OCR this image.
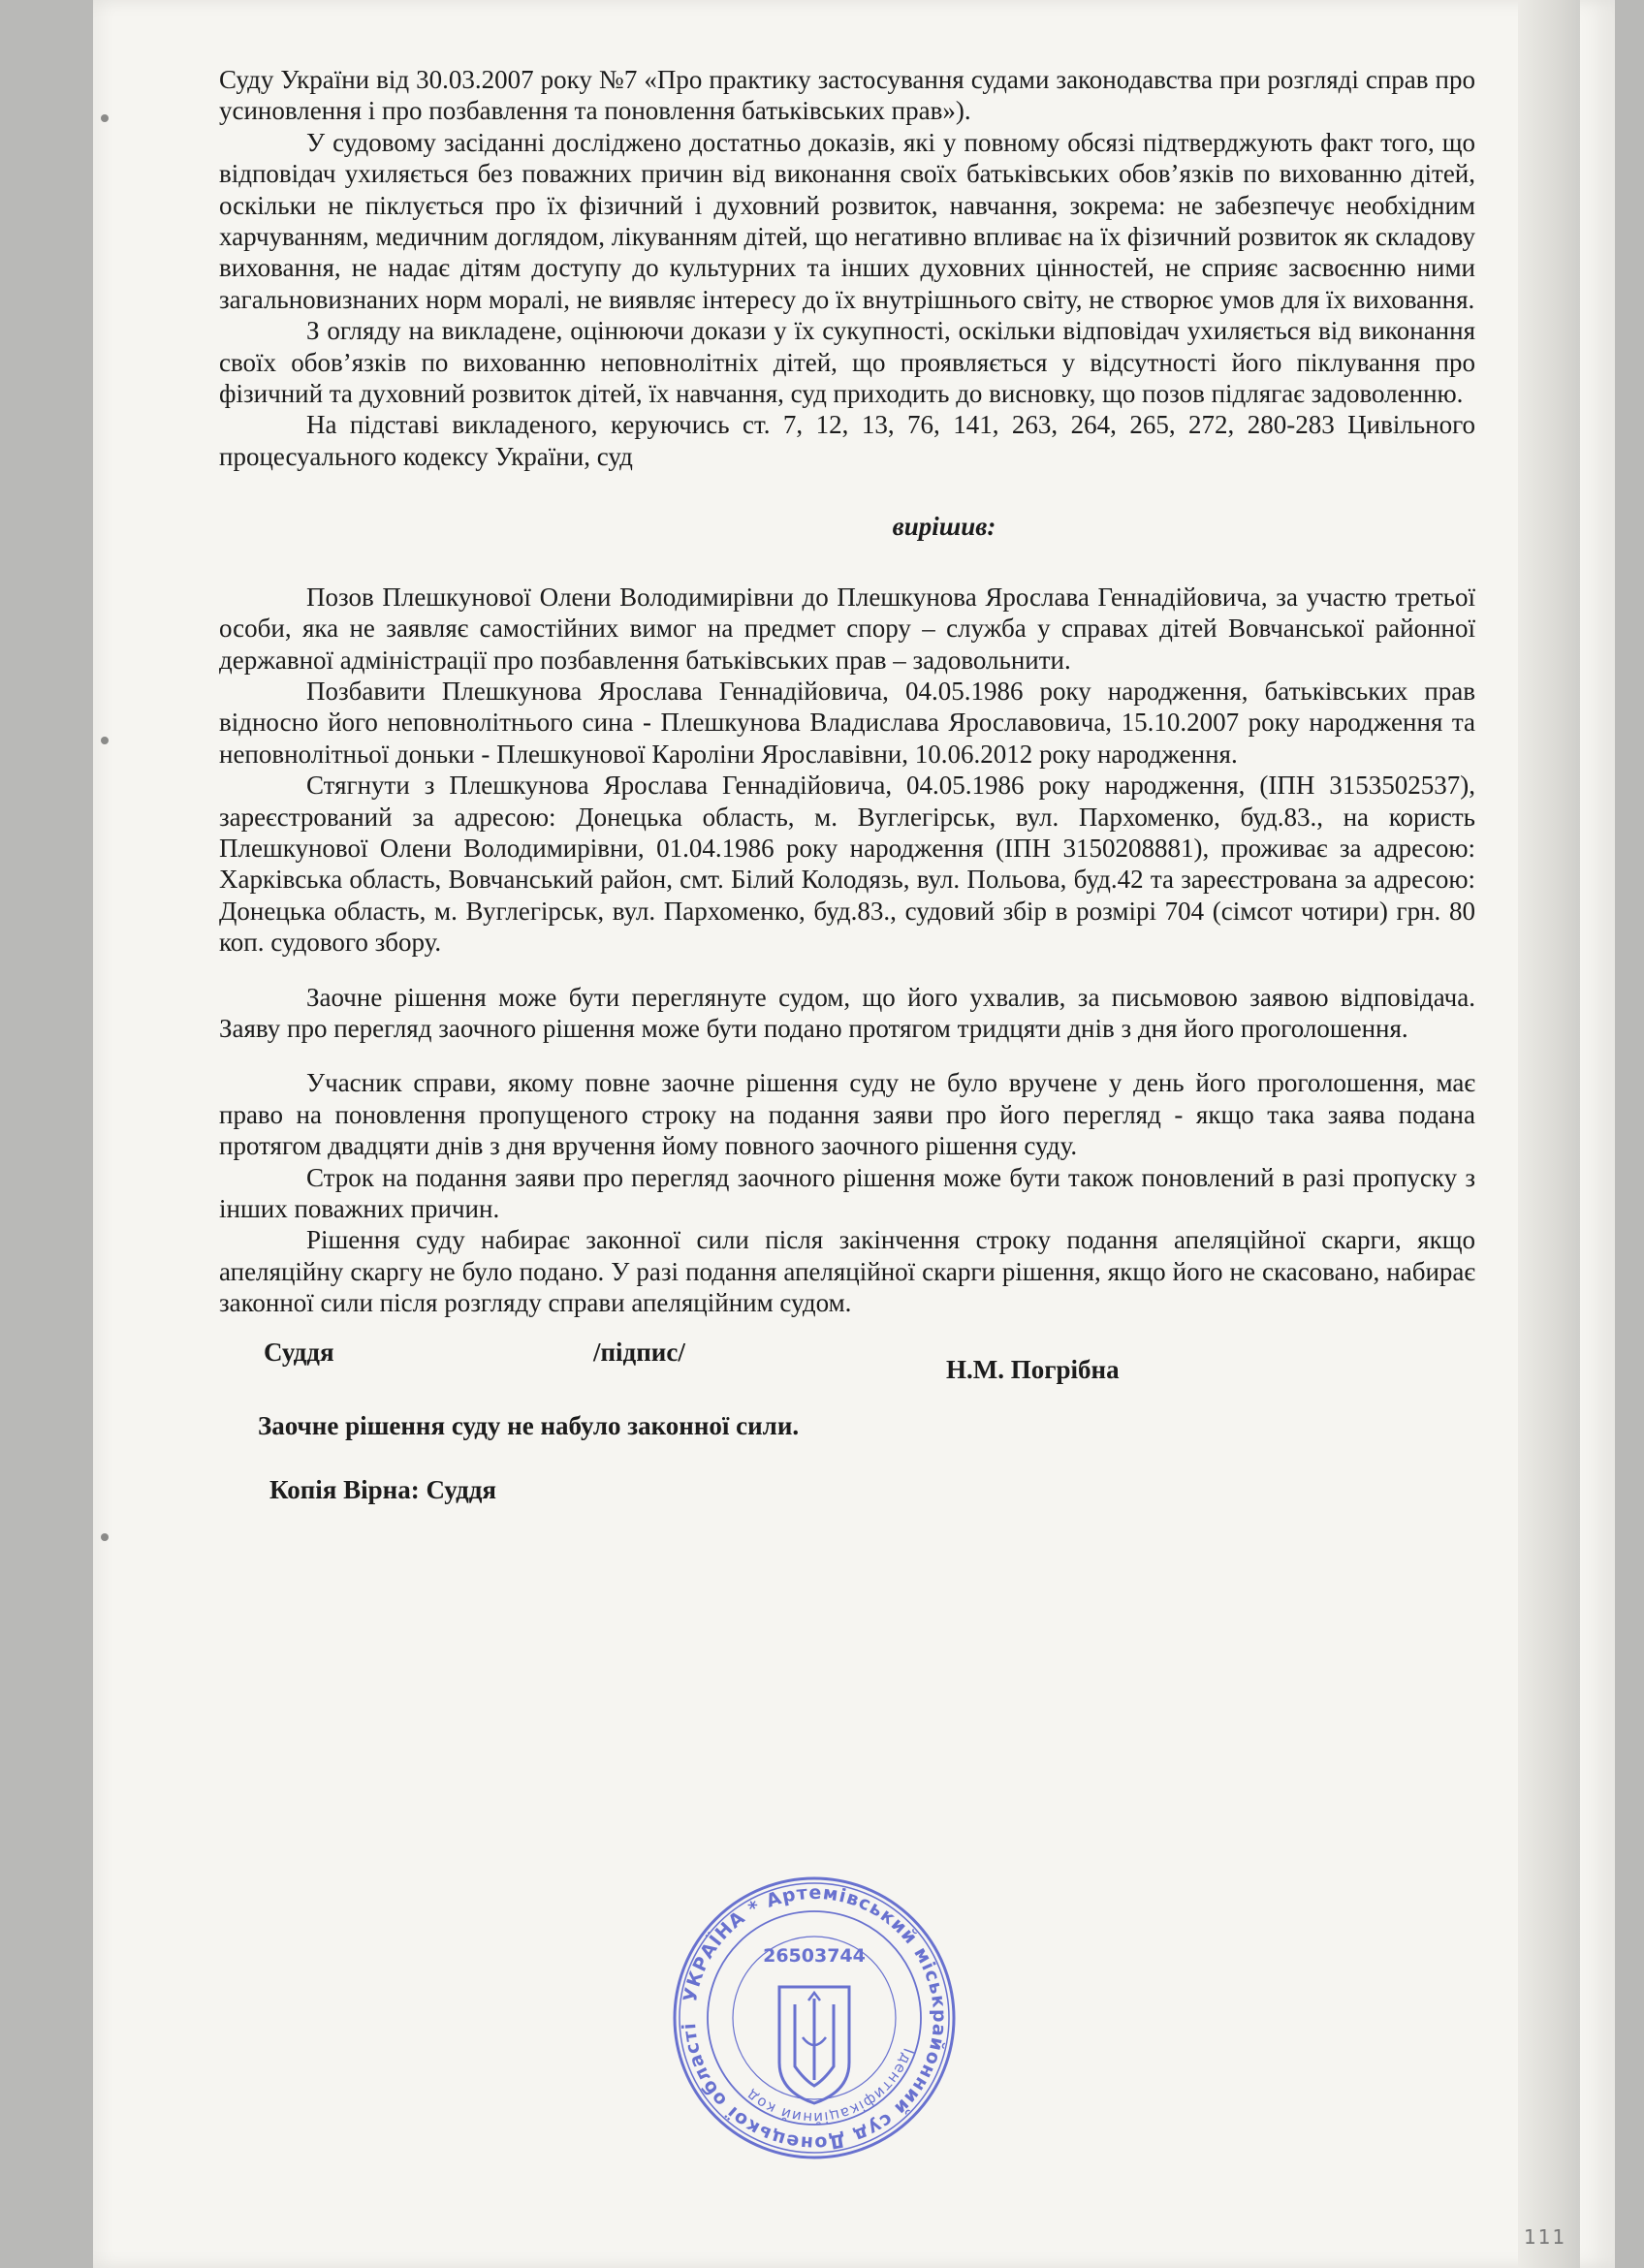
Суду України від 30.03.2007 року №7 «Про практику застосування судами законодавства при розгляді справ про усиновлення і про позбавлення та поновлення батьківських прав»).

У судовому засіданні досліджено достатньо доказів, які у повному обсязі підтверджують факт того, що відповідач ухиляється без поважних причин від виконання своїх батьківських обов’язків по вихованню дітей, оскільки не піклується про їх фізичний і духовний розвиток, навчання, зокрема: не забезпечує необхідним харчуванням, медичним доглядом, лікуванням дітей, що негативно впливає на їх фізичний розвиток як складову виховання, не надає дітям доступу до культурних та інших духовних цінностей, не сприяє засвоєнню ними загальновизнаних норм моралі, не виявляє інтересу до їх внутрішнього світу, не створює умов для їх виховання.

З огляду на викладене, оцінюючи докази у їх сукупності, оскільки відповідач ухиляється від виконання своїх обов’язків по вихованню неповнолітніх дітей, що проявляється у відсутності його піклування про фізичний та духовний розвиток дітей, їх навчання, суд приходить до висновку, що позов підлягає задоволенню.

На підставі викладеного, керуючись ст. 7, 12, 13, 76, 141, 263, 264, 265, 272, 280-283 Цивільного процесуального кодексу України, суд

вирішив:

Позов Плешкунової Олени Володимирівни до Плешкунова Ярослава Геннадійовича, за участю третьої особи, яка не заявляє самостійних вимог на предмет спору – служба у справах дітей Вовчанської районної державної адміністрації про позбавлення батьківських прав – задовольнити.

Позбавити Плешкунова Ярослава Геннадійовича, 04.05.1986 року народження, батьківських прав відносно його неповнолітнього сина - Плешкунова Владислава Ярославовича, 15.10.2007 року народження та неповнолітньої доньки - Плешкунової Кароліни Ярославівни, 10.06.2012 року народження.

Стягнути з Плешкунова Ярослава Геннадійовича, 04.05.1986 року народження, (ІПН 3153502537), зареєстрований за адресою: Донецька область, м. Вуглегірськ, вул. Пархоменко, буд.83., на користь Плешкунової Олени Володимирівни, 01.04.1986 року народження (ІПН 3150208881), проживає за адресою: Харківська область, Вовчанський район, смт. Білий Колодязь, вул. Польова, буд.42 та зареєстрована за адресою: Донецька область, м. Вуглегірськ, вул. Пархоменко, буд.83., судовий збір в розмірі 704 (сімсот чотири) грн. 80 коп. судового збору.

Заочне рішення може бути переглянуте судом, що його ухвалив, за письмовою заявою відповідача. Заяву про перегляд заочного рішення може бути подано протягом тридцяти днів з дня його проголошення.

Учасник справи, якому повне заочне рішення суду не було вручене у день його проголошення, має право на поновлення пропущеного строку на подання заяви про його перегляд - якщо така заява подана протягом двадцяти днів з дня вручення йому повного заочного рішення суду.

Строк на подання заяви про перегляд заочного рішення може бути також поновлений в разі пропуску з інших поважних причин.

Рішення суду набирає законної сили після закінчення строку подання апеляційної скарги, якщо апеляційну скаргу не було подано. У разі подання апеляційної скарги рішення, якщо його не скасовано, набирає законної сили після розгляду справи апеляційним судом.

Суддя	/підпис/
Н.М. Погрібна

Заочне рішення суду не набуло законної сили.

Копія Вірна: Суддя

УКРАЇНА * Артемівський міськрайонний суд Донецької області
Ідентифікаційний код
26503744
111
